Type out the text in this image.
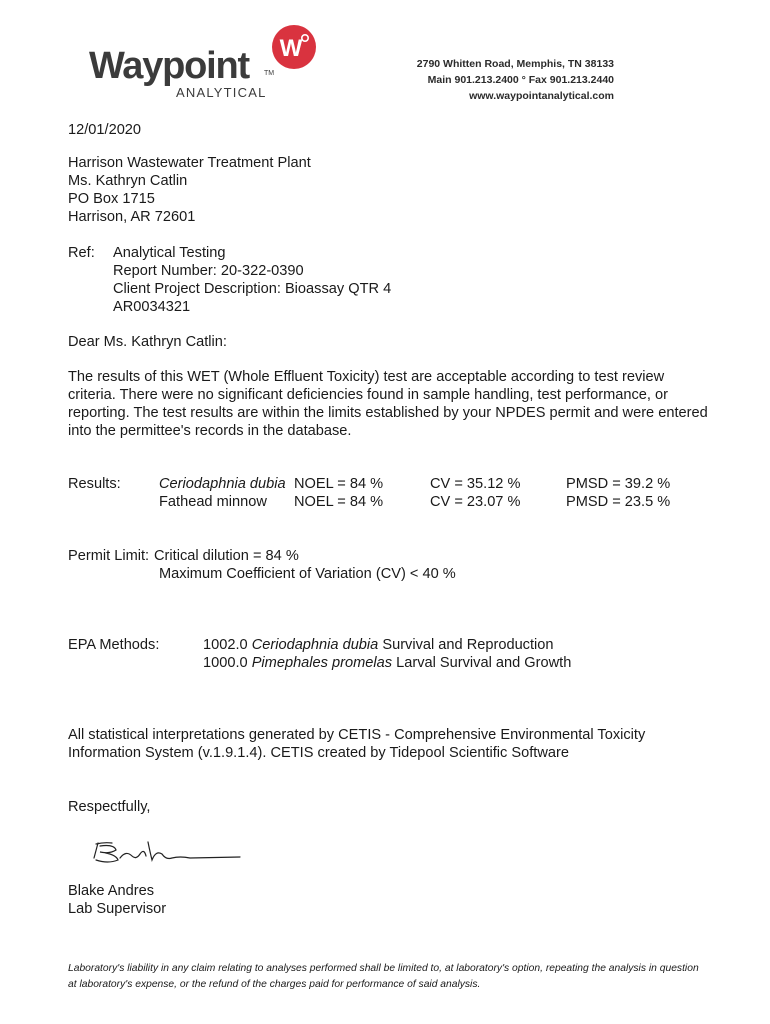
Waypoint TM
ANALYTICAL
W
2790 Whitten Road, Memphis, TN 38133
Main 901.213.2400 ° Fax 901.213.2440
www.waypointanalytical.com
12/01/2020
Harrison Wastewater Treatment Plant
Ms. Kathryn Catlin
PO Box 1715
Harrison, AR 72601
Ref: Analytical Testing
Report Number: 20-322-0390
Client Project Description: Bioassay QTR 4
AR0034321
Dear Ms. Kathryn Catlin:

The results of this WET (Whole Effluent Toxicity) test are acceptable according to test review criteria. There were no significant deficiencies found in sample handling, test performance, or reporting. The test results are within the limits established by your NPDES permit and were entered into the permittee's records in the database.

Results:	Ceriodaphnia dubia NOEL = 84 %	CV = 35.12 %	PMSD = 39.2 %
Fathead minnow NOEL = 84 %	CV = 23.07 %	PMSD = 23.5 %
Permit Limit: Critical dilution = 84 %
Maximum Coefficient of Variation (CV) < 40 %
EPA Methods:	1002.0 Ceriodaphnia dubia Survival and Reproduction
1000.0 Pimephales promelas Larval Survival and Growth

All statistical interpretations generated by CETIS - Comprehensive Environmental Toxicity Information System (v.1.9.1.4). CETIS created by Tidepool Scientific Software

Respectfully,
Blake Andres
Lab Supervisor
Laboratory's liability in any claim relating to analyses performed shall be limited to, at laboratory's option, repeating the analysis in question at laboratory's expense, or the refund of the charges paid for performance of said analysis.
